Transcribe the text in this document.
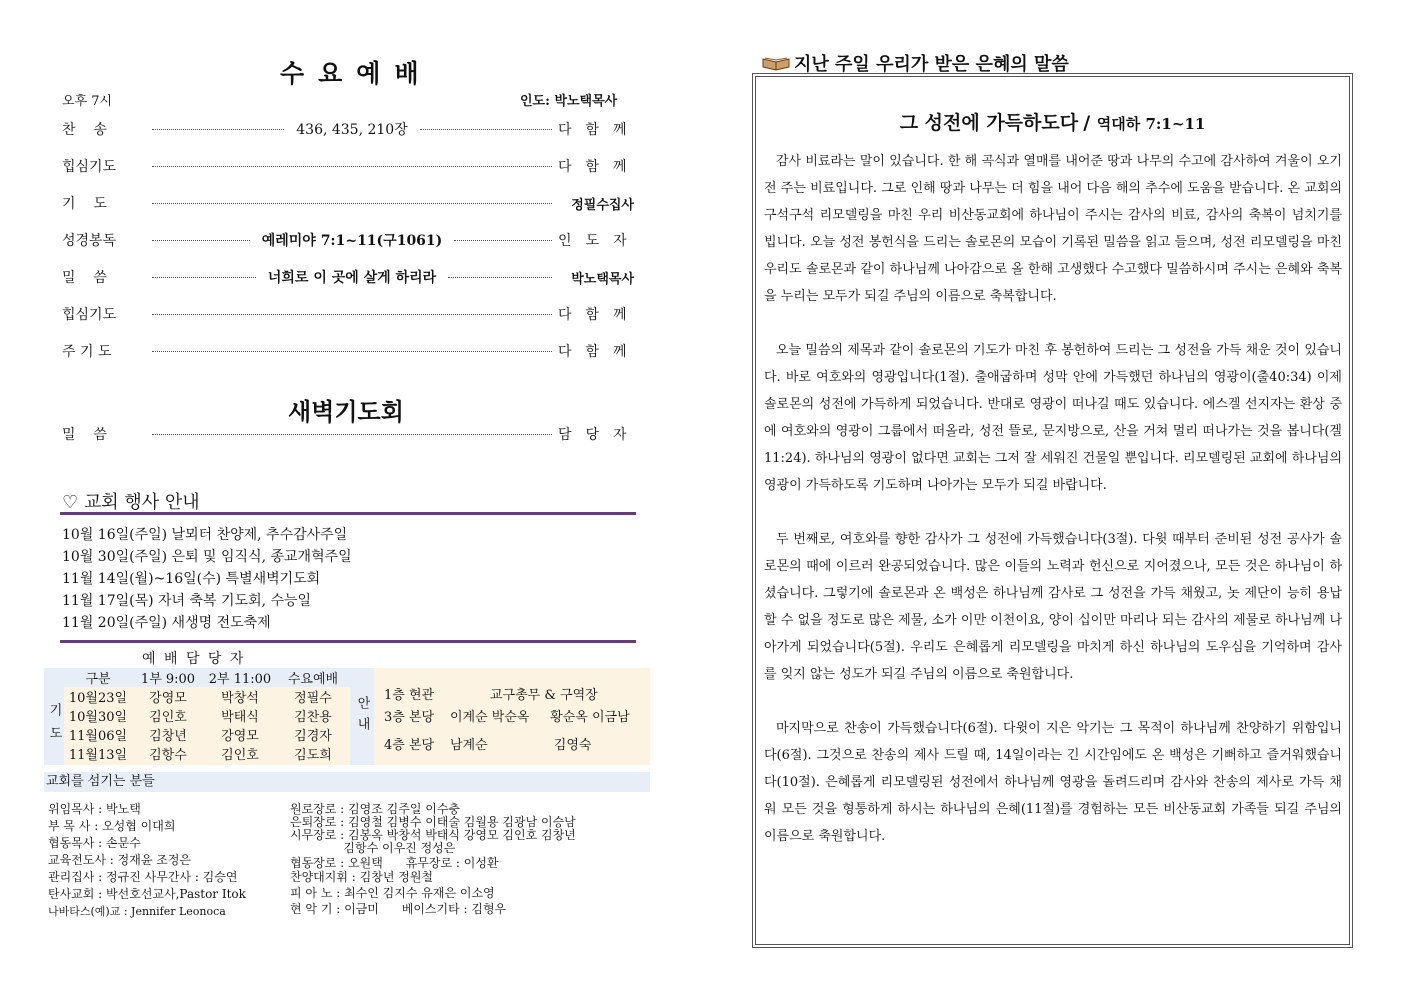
수요예배
오후 7시	인도: 박노택목사
찬    송	436, 435, 210장	다함께
힙심기도	다함께
기    도	정필수집사
성경봉독	예레미야 7:1~11(구1061)	인도자
밀    씀	너희로 이 곳에 살게 하리라	박노택목사
힙심기도	다함께
주 기 도	다함께
새벽기도회
밀    씀	담당자
♡ 교회 행사 안내
10월 16일(주일) 날뫼터 찬양제, 추수감사주일
10월 30일(주일) 은퇴 및 임직식, 종교개혁주일
11월 14일(월)~16일(수) 특별새벽기도회
11월 17일(목) 자녀 축복 기도회, 수능일
11월 20일(주일) 새생명 전도축제
예 배 담 당 자
기도	안내
구분	1부 9:00	2부 11:00	수요예배
10월23일	강영모	박창석	정필수
10월30일	김인호	박태식	김찬용
11월06일	김창년	강영모	김경자
11월13일	김항수	김인호	김도희
1층 현관	교구총무 & 구역장
3층 본당 이계순 박순옥     황순옥 이금남
4층 본당 남계순                김영숙
교회를 섬기는 분들
위임목사 : 박노택
부 목 사 : 오성협 이대희
협동목사 : 손문수
교육전도사 : 정재윤 조정은
관리집사 : 정규진 사무간사 : 김승연
탄사교회 : 박선호선교사,Pastor Itok
나바타스(예)교 : Jennifer Leonoca
원로장로 : 김영조 김주일 이수충
은퇴장로 : 김영철 김병수 이태술 김월용 김광남 이승남
시무장로 : 김봉옥 박창석 박태식 강영모 김인호 김창년
김항수 이우진 정성은
협동장로 : 오원택      휴무장로 : 이성환
찬양대지휘 : 김창년 정원철
피 아 노 : 최수인 김지수 유재은 이소영
현 악 기 : 이금미      베이스기타 : 김형우
지난 주일 우리가 받은 은혜의 말씀
그 성전에 가득하도다 / 역대하 7:1~11

감사 비료라는 말이 있습니다. 한 해 곡식과 열매를 내어준 땅과 나무의 수고에 감사하여 겨울이 오기 전 주는 비료입니다. 그로 인해 땅과 나무는 더 힘을 내어 다음 해의 추수에 도움을 받습니다. 온 교회의 구석구석 리모델링을 마친 우리 비산동교회에 하나님이 주시는 감사의 비료, 감사의 축복이 넘치기를 빕니다. 오늘 성전 봉헌식을 드리는 솔로몬의 모습이 기록된 밀씀을 읽고 들으며, 성전 리모델링을 마친 우리도 솔로몬과 같이 하나님께 나아감으로 올 한해 고생했다 수고했다 밀씀하시며 주시는 은혜와 축복을 누리는 모두가 되길 주님의 이름으로 축복합니다.

오늘 밀씀의 제목과 같이 솔로몬의 기도가 마친 후 봉헌하여 드리는 그 성전을 가득 채운 것이 있습니다. 바로 여호와의 영광입니다(1절). 출애굽하며 성막 안에 가득했던 하나님의 영광이(출40:34) 이제 솔로몬의 성전에 가득하게 되었습니다. 반대로 영광이 떠나길 때도 있습니다. 에스겔 선지자는 환상 중에 여호와의 영광이 그룹에서 떠올라, 성전 뜰로, 문지방으로, 산을 거쳐 멀리 떠나가는 것을 봅니다(겔11:24). 하나님의 영광이 없다면 교회는 그저 잘 세워진 건물일 뿐입니다. 리모델링된 교회에 하나님의 영광이 가득하도록 기도하며 나아가는 모두가 되길 바랍니다.

두 번째로, 여호와를 향한 감사가 그 성전에 가득했습니다(3절). 다윗 때부터 준비된 성전 공사가 솔로몬의 때에 이르러 완공되었습니다. 많은 이들의 노력과 헌신으로 지어졌으나, 모든 것은 하나님이 하셨습니다. 그렇기에 솔로몬과 온 백성은 하나님께 감사로 그 성전을 가득 채웠고, 놋 제단이 능히 용납할 수 없을 정도로 많은 제물, 소가 이만 이천이요, 양이 십이만 마리나 되는 감사의 제물로 하나님께 나아가게 되었습니다(5절). 우리도 은혜롭게 리모델링을 마치게 하신 하나님의 도우심을 기억하며 감사를 잊지 않는 성도가 되길 주님의 이름으로 축원합니다.

마지막으로 찬송이 가득했습니다(6절). 다윗이 지은 악기는 그 목적이 하나님께 찬양하기 위함입니다(6절). 그것으로 찬송의 제사 드릴 때, 14일이라는 긴 시간임에도 온 백성은 기뻐하고 즐거워했습니다(10절). 은혜롭게 리모델링된 성전에서 하나님께 영광을 돌려드리며 감사와 찬송의 제사로 가득 채워 모든 것을 형통하게 하시는 하나님의 은혜(11절)를 경험하는 모든 비산동교회 가족들 되길 주님의 이름으로 축원합니다.
